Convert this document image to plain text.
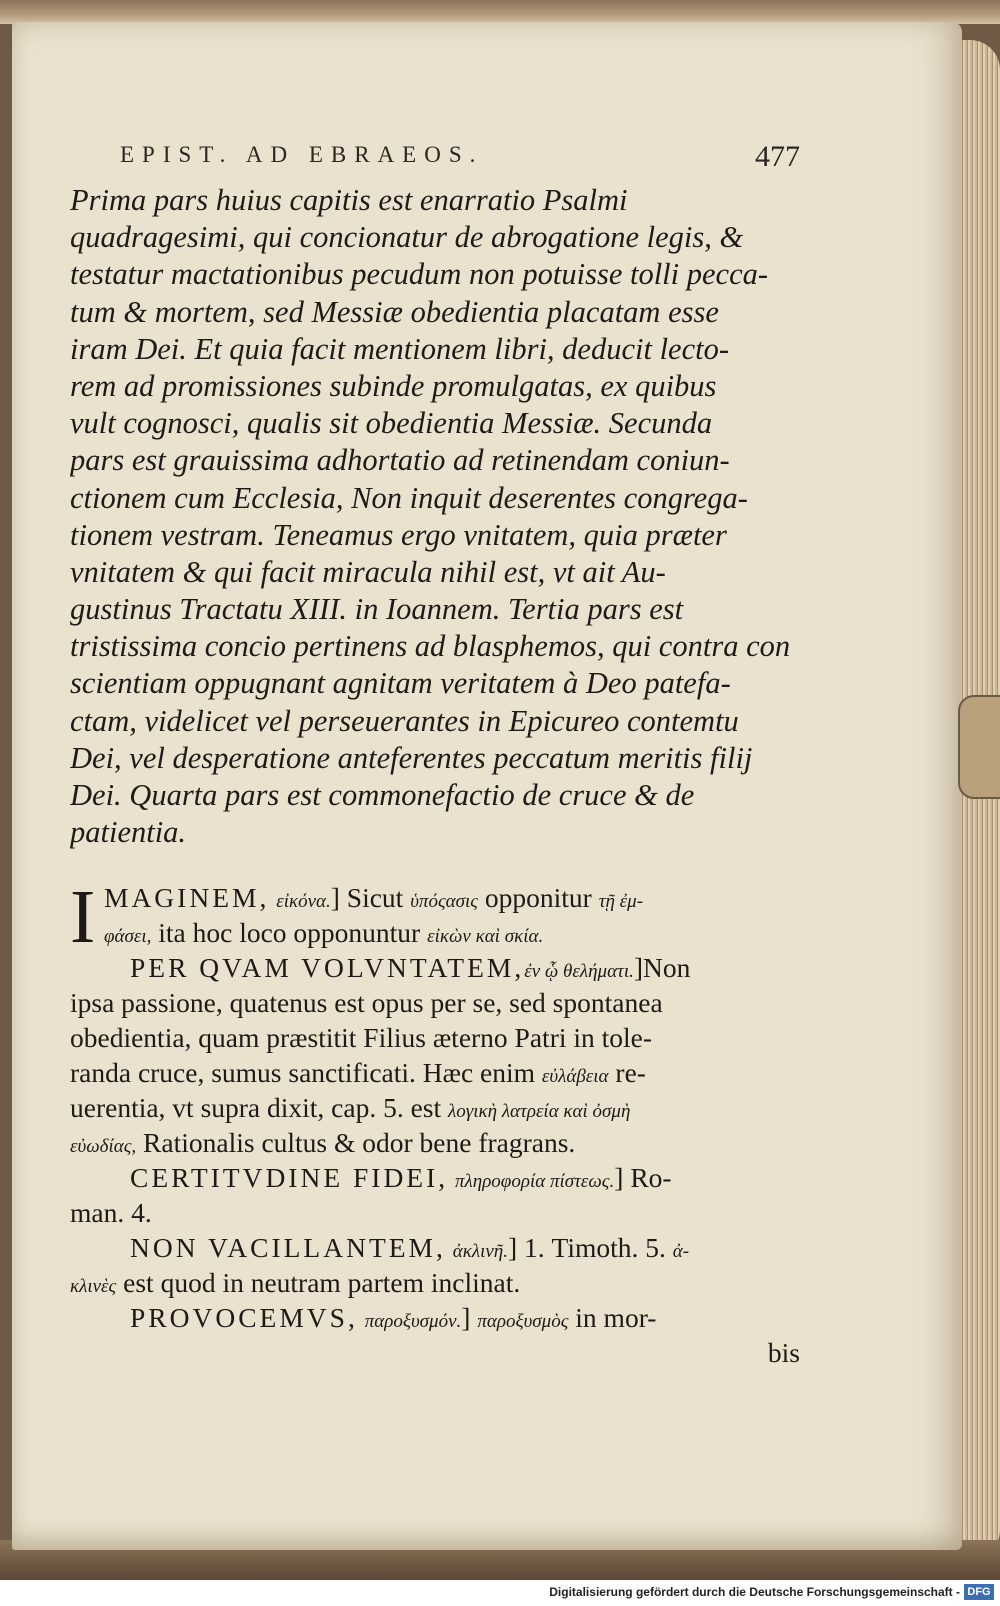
EPIST. AD EBRAEOS.	477
Prima pars huius capitis est enarratio Psalmi
quadragesimi, qui concionatur de abrogatione legis, &
testatur mactationibus pecudum non potuisse tolli pecca-
tum & mortem, sed Messiæ obedientia placatam esse
iram Dei. Et quia facit mentionem libri, deducit lecto-
rem ad promissiones subinde promulgatas, ex quibus
vult cognosci, qualis sit obedientia Messiæ. Secunda
pars est grauissima adhortatio ad retinendam coniun-
ctionem cum Ecclesia, Non inquit deserentes congrega-
tionem vestram. Teneamus ergo vnitatem, quia præter
vnitatem & qui facit miracula nihil est, vt ait Au-
gustinus Tractatu XIII. in Ioannem. Tertia pars est
tristissima concio pertinens ad blasphemos, qui contra con
scientiam oppugnant agnitam veritatem à Deo patefa-
ctam, videlicet vel perseuerantes in Epicureo contemtu
Dei, vel desperatione anteferentes peccatum meritis filij
Dei. Quarta pars est commonefactio de cruce & de
patientia.
I MAGINEM, εἰκόνα.] Sicut ὑπόςασις opponitur τῇ ἐμ-
φάσει, ita hoc loco opponuntur εἰκὼν καὶ σκία.
PER QVAM VOLVNTATEM,ἐν ᾧ θελήματι.]Non
ipsa passione, quatenus est opus per se, sed spontanea
obedientia, quam præstitit Filius æterno Patri in tole-
randa cruce, sumus sanctificati. Hæc enim εὐλάβεια re-
uerentia, vt supra dixit, cap. 5. est λογικὴ λατρεία καὶ ὀσμὴ
εὐωδίας, Rationalis cultus & odor bene fragrans.
CERTITVDINE FIDEI, πληροφορία πίστεως.] Ro-
man. 4.
NON VACILLANTEM, ἀκλινῆ.] 1. Timoth. 5. ἀ-
κλινὲς est quod in neutram partem inclinat.
PROVOCEMVS, παροξυσμόν.] παροξυσμὸς in mor-
bis
Digitalisierung gefördert durch die Deutsche Forschungsgemeinschaft - DFG
